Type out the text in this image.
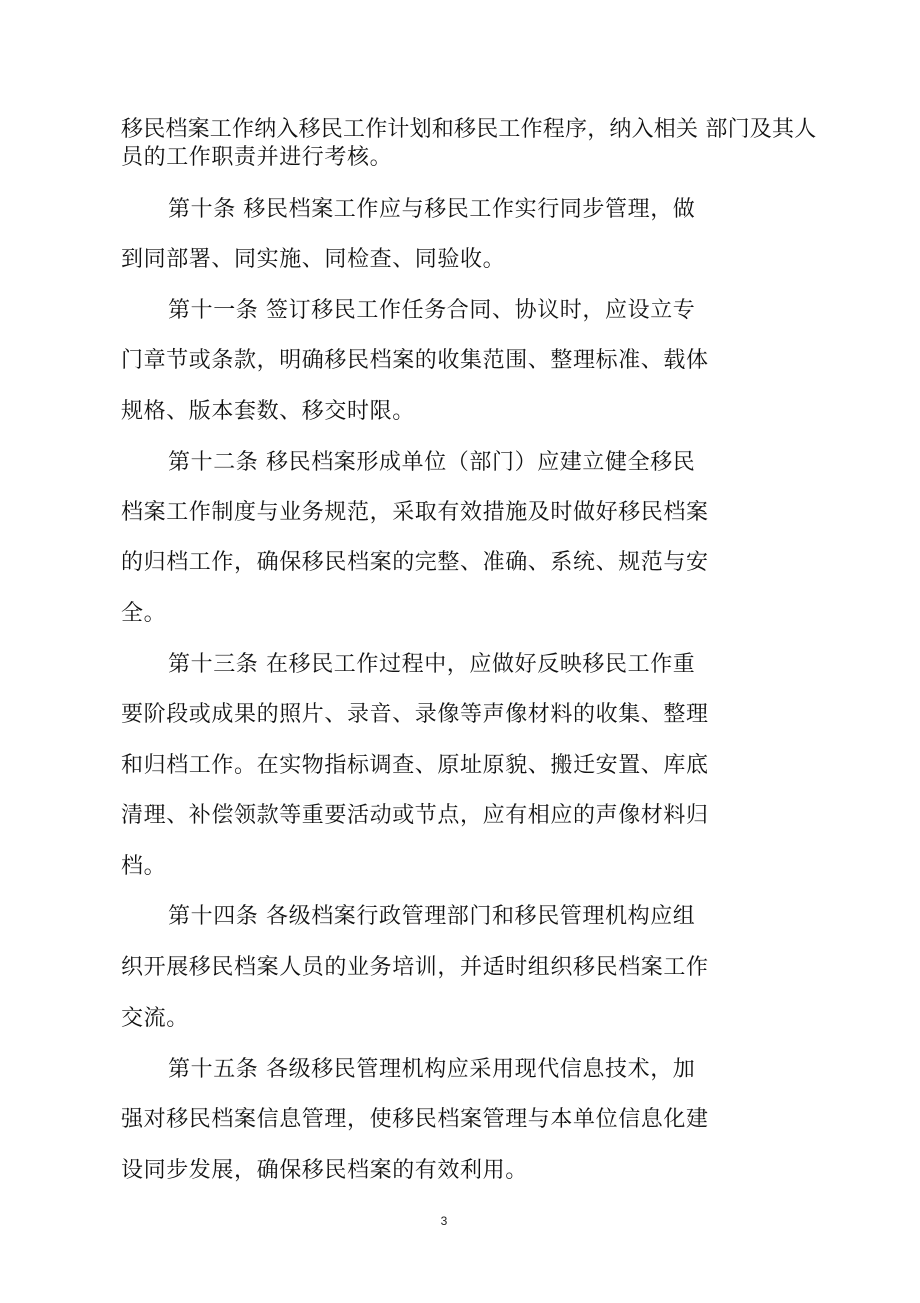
移民档案工作纳入移民工作计划和移民工作程序，纳入相关 部门及其人
员的工作职责并进行考核。
第十条 移民档案工作应与移民工作实行同步管理，做
到同部署、同实施、同检查、同验收。
第十一条 签订移民工作任务合同、协议时，应设立专
门章节或条款，明确移民档案的收集范围、整理标准、载体
规格、版本套数、移交时限。
第十二条 移民档案形成单位（部门）应建立健全移民
档案工作制度与业务规范，采取有效措施及时做好移民档案
的归档工作，确保移民档案的完整、准确、系统、规范与安
全。
第十三条 在移民工作过程中，应做好反映移民工作重
要阶段或成果的照片、录音、录像等声像材料的收集、整理
和归档工作。在实物指标调查、原址原貌、搬迁安置、库底
清理、补偿领款等重要活动或节点，应有相应的声像材料归
档。
第十四条 各级档案行政管理部门和移民管理机构应组
织开展移民档案人员的业务培训，并适时组织移民档案工作
交流。
第十五条 各级移民管理机构应采用现代信息技术，加
强对移民档案信息管理，使移民档案管理与本单位信息化建
设同步发展，确保移民档案的有效利用。
3
